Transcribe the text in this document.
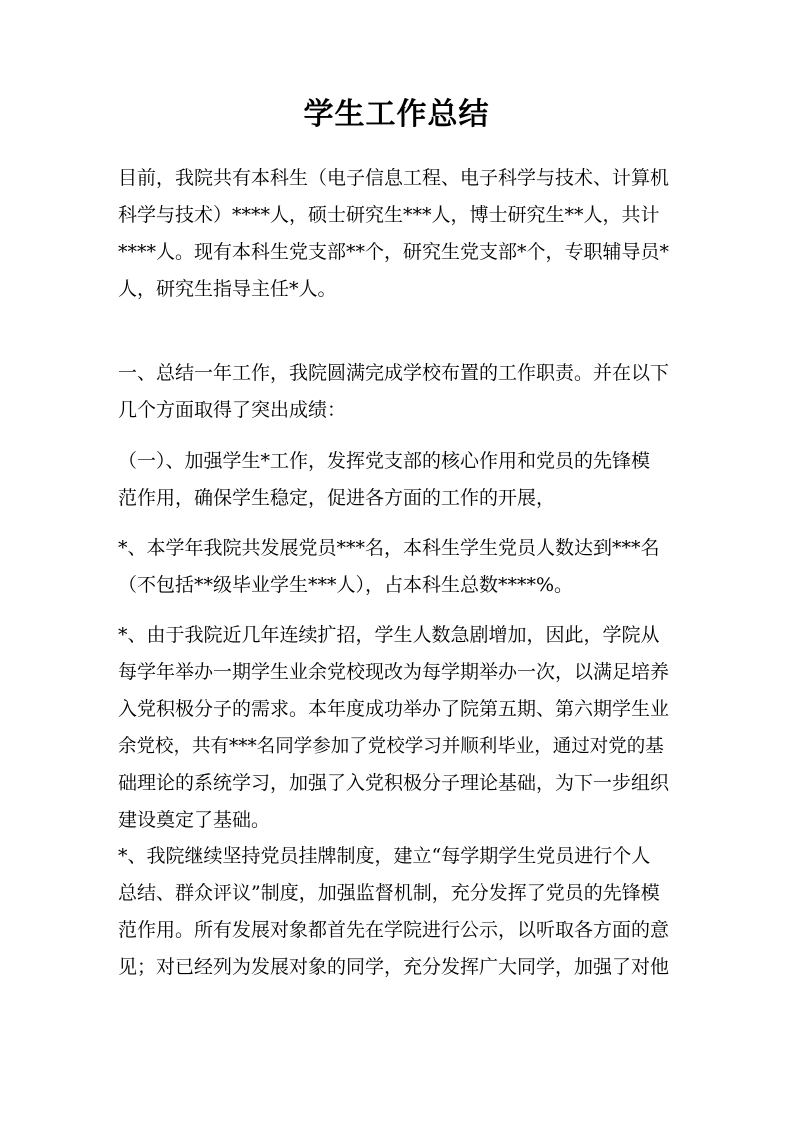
学生工作总结
目前，我院共有本科生（电子信息工程、电子科学与技术、计算机
科学与技术）****人，硕士研究生***人，博士研究生**人，共计
****人。现有本科生党支部**个，研究生党支部*个，专职辅导员*
人，研究生指导主任*人。
一、总结一年工作，我院圆满完成学校布置的工作职责。并在以下
几个方面取得了突出成绩：
（一）、加强学生*工作，发挥党支部的核心作用和党员的先锋模
范作用，确保学生稳定，促进各方面的工作的开展，
*、本学年我院共发展党员***名，本科生学生党员人数达到***名
（不包括**级毕业学生***人），占本科生总数****%。
*、由于我院近几年连续扩招，学生人数急剧增加，因此，学院从
每学年举办一期学生业余党校现改为每学期举办一次，以满足培养
入党积极分子的需求。本年度成功举办了院第五期、第六期学生业
余党校，共有***名同学参加了党校学习并顺利毕业，通过对党的基
础理论的系统学习，加强了入党积极分子理论基础，为下一步组织
建设奠定了基础。
*、我院继续坚持党员挂牌制度，建立“每学期学生党员进行个人
总结、群众评议”制度，加强监督机制，充分发挥了党员的先锋模
范作用。所有发展对象都首先在学院进行公示，以听取各方面的意
见；对已经列为发展对象的同学，充分发挥广大同学，加强了对他
